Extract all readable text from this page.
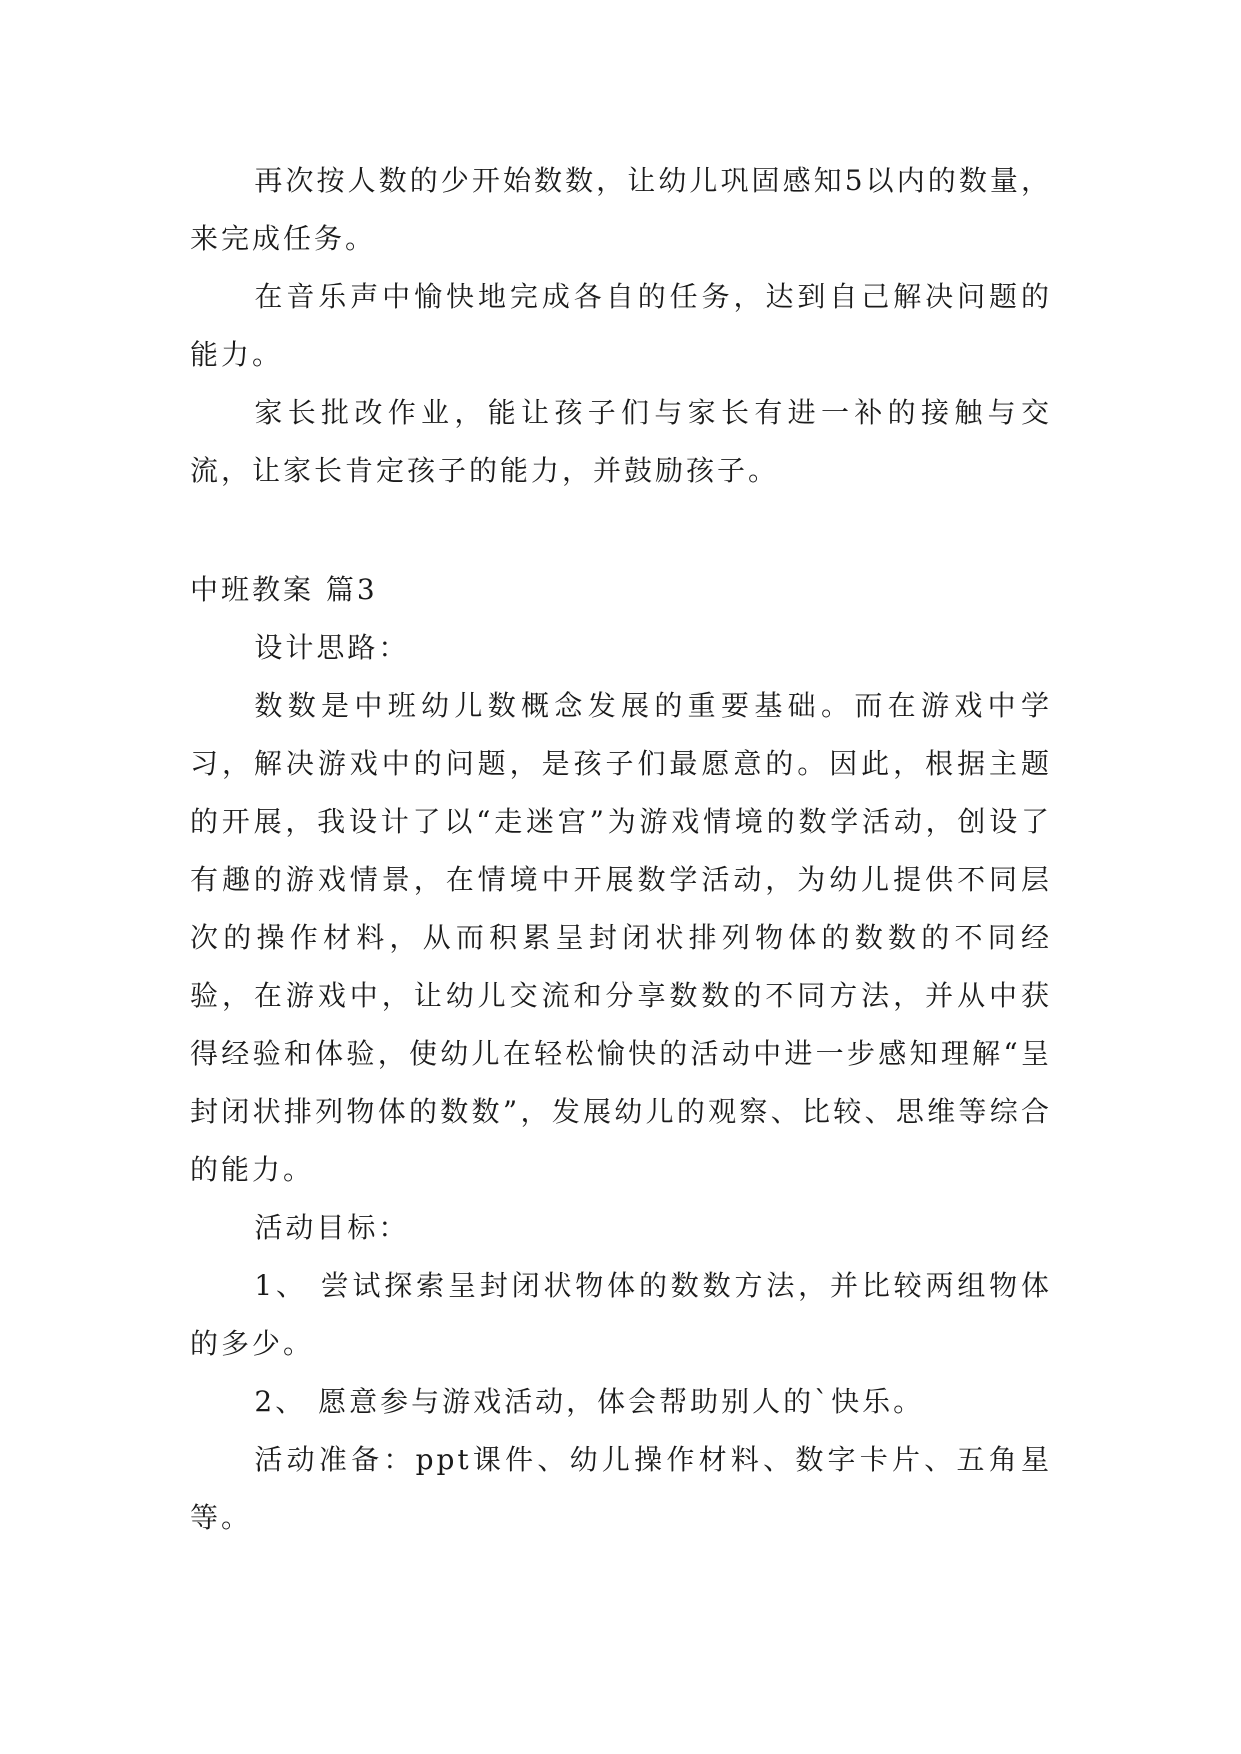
再次按人数的少开始数数，让幼儿巩固感知5以内的数量，来完成任务。

在音乐声中愉快地完成各自的任务，达到自己解决问题的能力。

家长批改作业，能让孩子们与家长有进一补的接触与交流，让家长肯定孩子的能力，并鼓励孩子。

中班教案 篇3

设计思路：

数数是中班幼儿数概念发展的重要基础。而在游戏中学习，解决游戏中的问题，是孩子们最愿意的。因此，根据主题的开展，我设计了以“走迷宫”为游戏情境的数学活动，创设了有趣的游戏情景，在情境中开展数学活动，为幼儿提供不同层次的操作材料，从而积累呈封闭状排列物体的数数的不同经验，在游戏中，让幼儿交流和分享数数的不同方法，并从中获得经验和体验，使幼儿在轻松愉快的活动中进一步感知理解“呈封闭状排列物体的数数”，发展幼儿的观察、比较、思维等综合的能力。

活动目标：

1、 尝试探索呈封闭状物体的数数方法，并比较两组物体的多少。

2、 愿意参与游戏活动，体会帮助别人的`快乐。

活动准备：ppt课件、幼儿操作材料、数字卡片、五角星等。
